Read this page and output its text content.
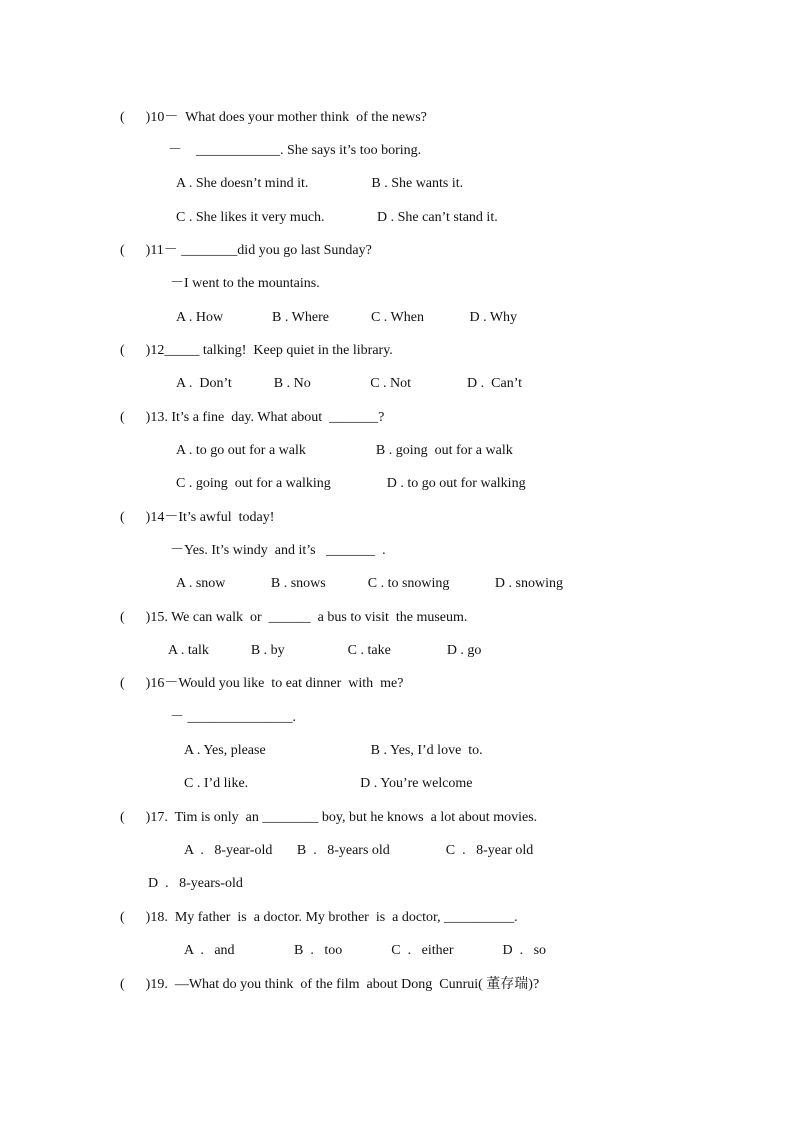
(      )10－  What does your mother think  of the news?
－    ____________. She says it’s too boring.
A . She doesn’t mind it.                  B . She wants it.
C . She likes it very much.               D . She can’t stand it.
(      )11－ ________did you go last Sunday?
－I went to the mountains.
A . How              B . Where            C . When             D . Why
(      )12_____ talking!  Keep quiet in the library.
A .  Don’t            B . No                 C . Not                D .  Can’t
(      )13. It’s a fine  day. What about  _______?
A . to go out for a walk                    B . going  out for a walk
C . going  out for a walking                D . to go out for walking
(      )14－It’s awful  today!
－Yes. It’s windy  and it’s   _______  .
A . snow             B . snows            C . to snowing             D . snowing
(      )15. We can walk  or  ______  a bus to visit  the museum.
A . talk            B . by                  C . take                D . go
(      )16－Would you like  to eat dinner  with  me?
－ _______________.
A . Yes, please                              B . Yes, I’d love  to.
C . I’d like.                                D . You’re welcome
(      )17.  Tim is only  an ________ boy, but he knows  a lot about movies.
A  .   8-year-old       B  .   8-years old                C  .   8-year old
D  .   8-years-old
(      )18.  My father  is  a doctor. My brother  is  a doctor, __________.
A  .   and                 B  .   too              C  .   either              D  .   so
(      )19.  —What do you think  of the film  about Dong  Cunrui( 董存瑞)?
